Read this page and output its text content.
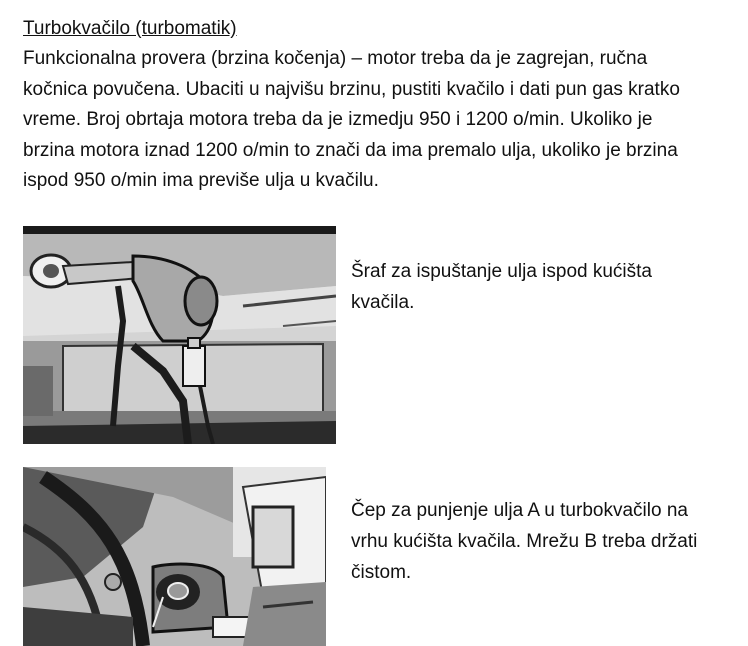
Turbokvačilo (turbomatik)
Funkcionalna provera (brzina kočenja) – motor treba da je zagrejan, ručna
kočnica povučena. Ubaciti u najvišu brzinu, pustiti kvačilo i dati pun gas kratko
vreme. Broj obrtaja motora treba da je izmedju 950 i 1200 o/min. Ukoliko je
brzina motora iznad 1200 o/min to znači da ima premalo ulja, ukoliko je brzina
ispod 950 o/min ima previše ulja u kvačilu.
Šraf za ispuštanje ulja ispod kućišta
kvačila.
Čep za punjenje ulja A u turbokvačilo na
vrhu kućišta kvačila. Mrežu B treba držati
čistom.
